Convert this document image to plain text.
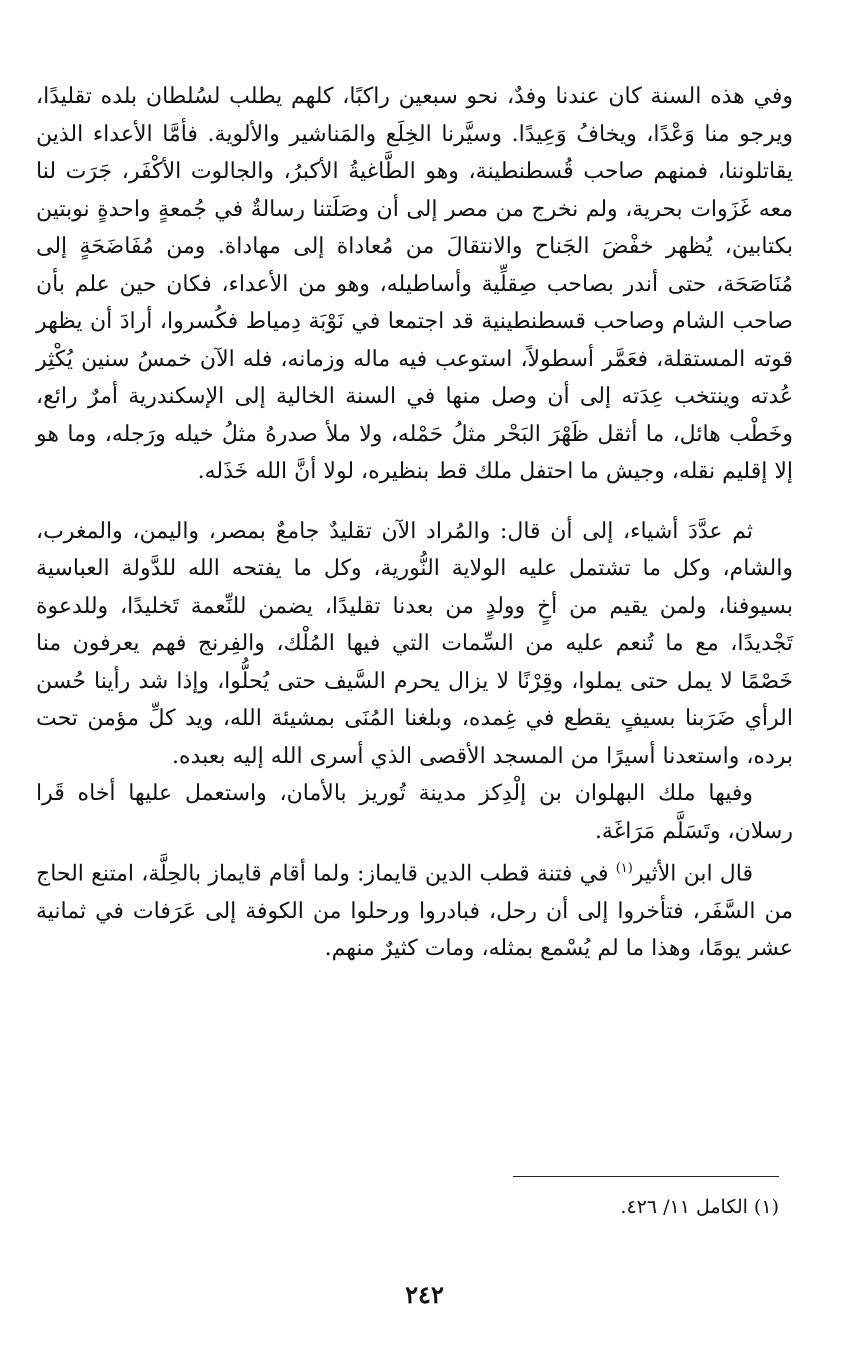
وفي هذه السنة كان عندنا وفدٌ، نحو سبعين راكبًا، كلهم يطلب لسُلطان بلده تقليدًا، ويرجو منا وَعْدًا، ويخافُ وَعِيدًا. وسيَّرنا الخِلَع والمَناشير والألوية. فأمَّا الأعداء الذين يقاتلوننا، فمنهم صاحب قُسطنطينة، وهو الطَّاغيةُ الأكبرُ، والجالوت الأكْفَر، جَرَت لنا معه غَزَوات بحرية، ولم نخرج من مصر إلى أن وصَلَتنا رسالةٌ في جُمعةٍ واحدةٍ نوبتين بكتابين، يُظهر خفْضَ الجَناح والانتقالَ من مُعاداة إلى مهاداة. ومن مُفَاضَحَةٍ إلى مُنَاصَحَة، حتى أندر بصاحب صِقلِّية وأساطيله، وهو من الأعداء، فكان حين علم بأن صاحب الشام وصاحب قسطنطينية قد اجتمعا في نَوْبَة دِمياط فكُسروا، أرادَ أن يظهر قوته المستقلة، فعَمَّر أسطولاً، استوعب فيه ماله وزمانه، فله الآن خمسُ سنين يُكْثِر عُدته وينتخب عِدَته إلى أن وصل منها في السنة الخالية إلى الإسكندرية أمرٌ رائع، وخَطْب هائل، ما أثقل ظَهْرَ البَحْر مثلُ حَمْله، ولا ملأ صدرهُ مثلُ خيله ورَجله، وما هو إلا إقليم نقله، وجيش ما احتفل ملك قط بنظيره، لولا أنَّ الله خَذَله.

ثم عدَّدَ أشياء، إلى أن قال: والمُراد الآن تقليدٌ جامعٌ بمصر، واليمن، والمغرب، والشام، وكل ما تشتمل عليه الولاية النُّورية، وكل ما يفتحه الله للدَّولة العباسية بسيوفنا، ولمن يقيم من أخٍ وولدٍ من بعدنا تقليدًا، يضمن للنِّعمة تَخليدًا، وللدعوة تَجْديدًا، مع ما تُنعم عليه من السِّمات التي فيها المُلْك، والفِرنج فهم يعرفون منا خَصْمًا لا يمل حتى يملوا، وقِرْنًا لا يزال يحرم السَّيف حتى يُحلُّوا، وإذا شد رأينا حُسن الرأي ضَرَبنا بسيفٍ يقطع في غِمده، وبلغنا المُنَى بمشيئة الله، ويد كلِّ مؤمن تحت برده، واستعدنا أسيرًا من المسجد الأقصى الذي أسرى الله إليه بعبده.

وفيها ملك البهلوان بن إلْدِكز مدينة تُوريز بالأمان، واستعمل عليها أخاه قَرا رسلان، وتَسَلَّم مَرَاغَة.

قال ابن الأثير$^{(١)}$ في فتنة قطب الدين قايماز: ولما أقام قايماز بالحِلَّة، امتنع الحاج من السَّفَر، فتأخروا إلى أن رحل، فبادروا ورحلوا من الكوفة إلى عَرَفات في ثمانية عشر يومًا، وهذا ما لم يُسْمع بمثله، ومات كثيرٌ منهم.

(١) الكامل ١١/ ٤٢٦.
٢٤٢
